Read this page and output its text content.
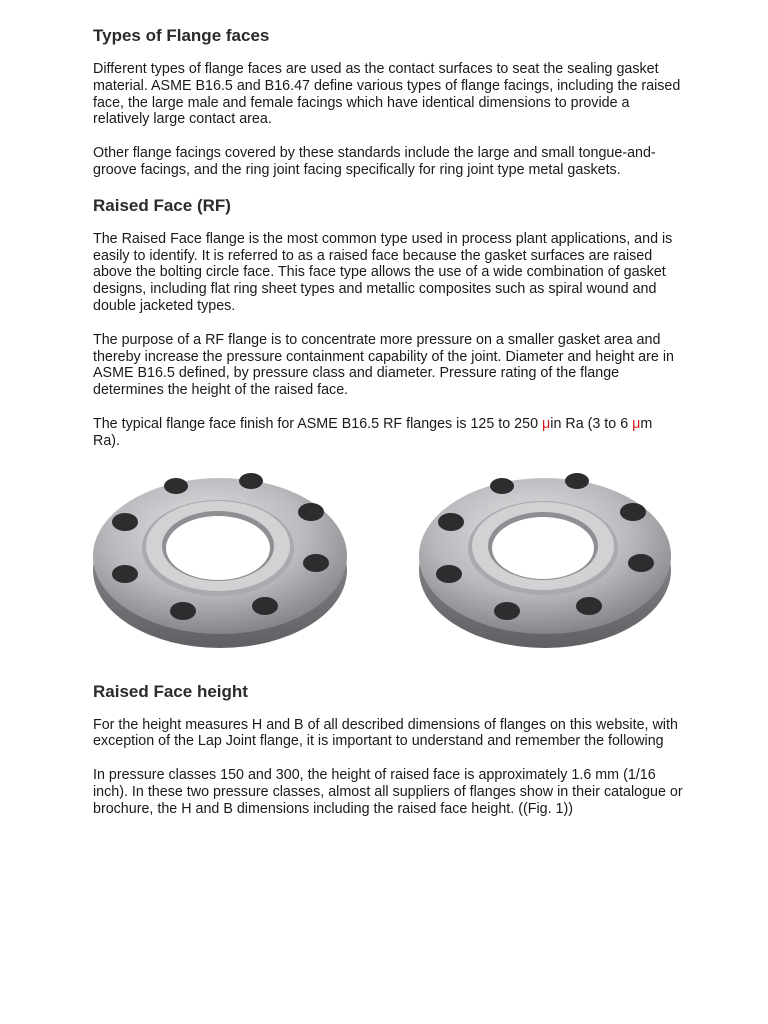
Types of Flange faces

Different types of flange faces are used as the contact surfaces to seat the sealing gasket material. ASME B16.5 and B16.47 define various types of flange facings, including the raised face, the large male and female facings which have identical dimensions to provide a relatively large contact area.

Other flange facings covered by these standards include the large and small tongue-and-groove facings, and the ring joint facing specifically for ring joint type metal gaskets.

Raised Face (RF)

The Raised Face flange is the most common type used in process plant applications, and is easily to identify. It is referred to as a raised face because the gasket surfaces are raised above the bolting circle face. This face type allows the use of a wide combination of gasket designs, including flat ring sheet types and metallic composites such as spiral wound and double jacketed types.

The purpose of a RF flange is to concentrate more pressure on a smaller gasket area and thereby increase the pressure containment capability of the joint. Diameter and height are in ASME B16.5 defined, by pressure class and diameter. Pressure rating of the flange determines the height of the raised face.

The typical flange face finish for ASME B16.5 RF flanges is 125 to 250 μin Ra (3 to 6 μm Ra).

Raised Face height

For the height measures H and B of all described dimensions of flanges on this website, with exception of the Lap Joint flange, it is important to understand and remember the following

In pressure classes 150 and 300, the height of raised face is approximately 1.6 mm (1/16 inch). In these two pressure classes, almost all suppliers of flanges show in their catalogue or brochure, the H and B dimensions including the raised face height. ((Fig. 1))
